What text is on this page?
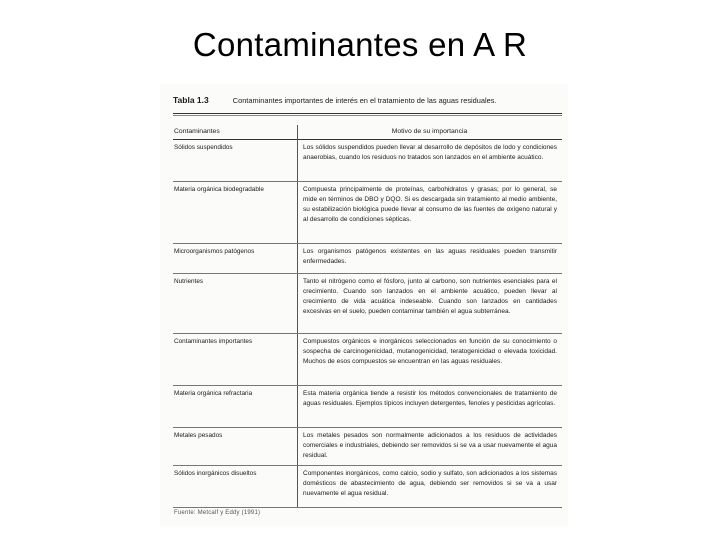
Contaminantes en A R
Tabla 1.3	Contaminantes importantes de interés en el tratamiento de las aguas residuales.
Contaminantes	Motivo de su importancia
Sólidos suspendidos	Los sólidos suspendidos pueden llevar al desarrollo de depósitos de lodo y condiciones anaerobias, cuando los residuos no tratados son lanzados en el ambiente acuático.
Materia orgánica biodegradable	Compuesta principalmente de proteínas, carbohidratos y grasas; por lo general, se mide en términos de DBO y DQO. Si es descargada sin tratamiento al medio ambiente, su estabilización biológica puede llevar al consumo de las fuentes de oxígeno natural y al desarrollo de condiciones sépticas.
Microorganismos patógenos	Los organismos patógenos existentes en las aguas residuales pueden transmitir enfermedades.
Nutrientes	Tanto el nitrógeno como el fósforo, junto al carbono, son nutrientes esenciales para el crecimiento. Cuando son lanzados en el ambiente acuático, pueden llevar al crecimiento de vida acuática indeseable. Cuando son lanzados en cantidades excesivas en el suelo, pueden contaminar también el agua subterránea.
Contaminantes importantes	Compuestos orgánicos e inorgánicos seleccionados en función de su conocimiento o sospecha de carcinogenicidad, mutanogenicidad, teratogenicidad o elevada toxicidad. Muchos de esos compuestos se encuentran en las aguas residuales.
Materia orgánica refractaria	Esta materia orgánica tiende a resistir los métodos convencionales de tratamiento de aguas residuales. Ejemplos típicos incluyen detergentes, fenoles y pesticidas agrícolas.
Metales pesados	Los metales pesados son normalmente adicionados a los residuos de actividades comerciales e industriales, debiendo ser removidos si se va a usar nuevamente el agua residual.
Sólidos inorgánicos disueltos	Componentes inorgánicos, como calcio, sodio y sulfato, son adicionados a los sistemas domésticos de abastecimiento de agua, debiendo ser removidos si se va a usar nuevamente el agua residual.
Fuente: Metcalf y Eddy (1991)
